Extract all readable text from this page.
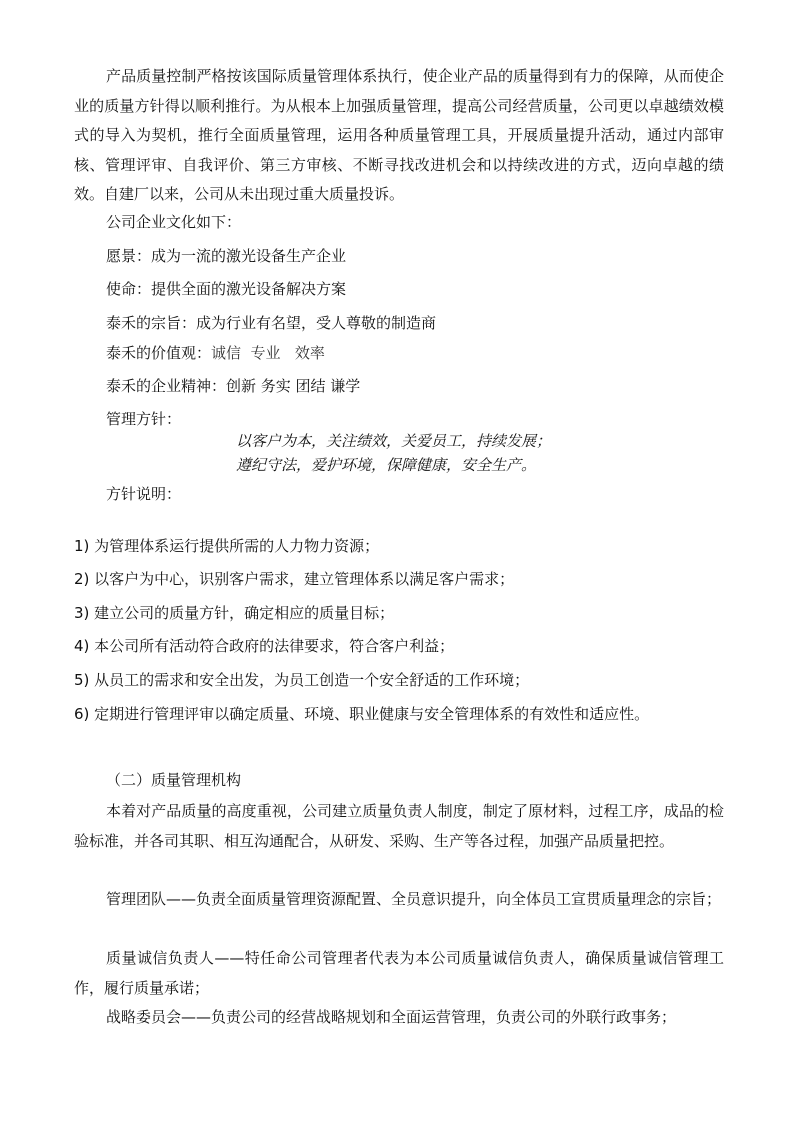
产品质量控制严格按该国际质量管理体系执行，使企业产品的质量得到有力的保障，从而使企业的质量方针得以顺利推行。为从根本上加强质量管理，提高公司经营质量，公司更以卓越绩效模式的导入为契机，推行全面质量管理，运用各种质量管理工具，开展质量提升活动，通过内部审核、管理评审、自我评价、第三方审核、不断寻找改进机会和以持续改进的方式，迈向卓越的绩效。自建厂以来，公司从未出现过重大质量投诉。

公司企业文化如下：

愿景：成为一流的激光设备生产企业

使命：提供全面的激光设备解决方案

泰禾的宗旨：成为行业有名望，受人尊敬的制造商

泰禾的价值观：诚信  专业   效率

泰禾的企业精神：创新 务实 团结 谦学

管理方针：

以客户为本，关注绩效，关爱员工，持续发展；

遵纪守法，爱护环境，保障健康，安全生产。

方针说明：

1) 为管理体系运行提供所需的人力物力资源；

2) 以客户为中心，识别客户需求，建立管理体系以满足客户需求；

3) 建立公司的质量方针，确定相应的质量目标；

4) 本公司所有活动符合政府的法律要求，符合客户利益；

5) 从员工的需求和安全出发，为员工创造一个安全舒适的工作环境；

6) 定期进行管理评审以确定质量、环境、职业健康与安全管理体系的有效性和适应性。

（二）质量管理机构

本着对产品质量的高度重视，公司建立质量负责人制度，制定了原材料，过程工序，成品的检验标准，并各司其职、相互沟通配合，从研发、采购、生产等各过程，加强产品质量把控。

管理团队——负责全面质量管理资源配置、全员意识提升，向全体员工宣贯质量理念的宗旨；

质量诚信负责人——特任命公司管理者代表为本公司质量诚信负责人，确保质量诚信管理工作，履行质量承诺；

战略委员会——负责公司的经营战略规划和全面运营管理，负责公司的外联行政事务；
